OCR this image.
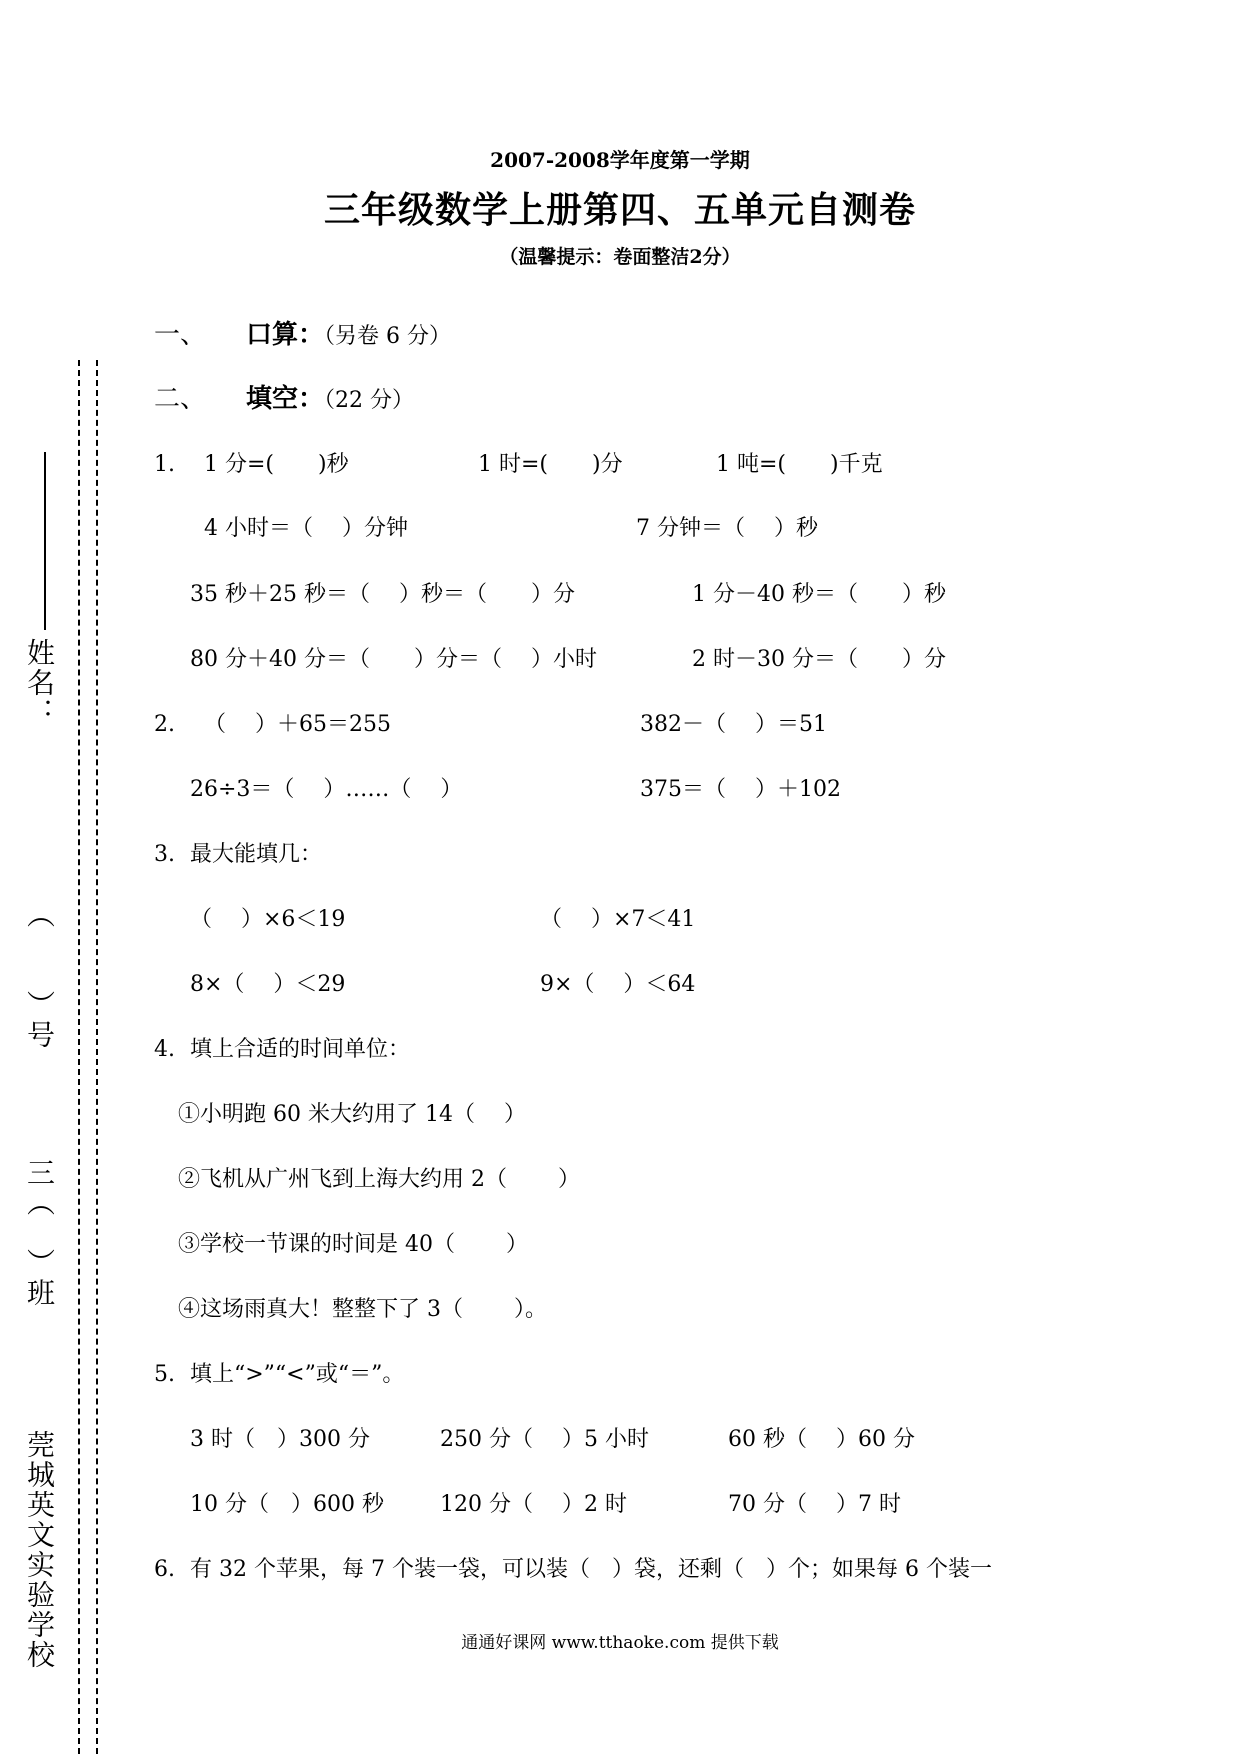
姓名：
（　　）号
三（　）班
莞城英文实验学校
2007-2008学年度第一学期
三年级数学上册第四、五单元自测卷
（温馨提示：卷面整洁2分）
一、 口算：（另卷 6 分）
二、 填空：（22 分）
1. 1 分=(　　)秒	1 时=(　　)分	1 吨=(　　)千克
4 小时＝（　 ）分钟	7 分钟＝（　 ）秒
35 秒＋25 秒＝（　 ）秒＝（　　）分	1 分－40 秒＝（　　）秒
80 分＋40 分＝（　　）分＝（　 ）小时	2 时－30 分＝（　　）分
2. （　 ）＋65＝255	382－（　 ）＝51
26÷3＝（　 ）……（　 ）	375＝（　 ）＋102
3. 最大能填几：
（　 ）×6＜19	（　 ）×7＜41
8×（　 ）＜29	9×（　 ）＜64
4. 填上合适的时间单位：
①小明跑 60 米大约用了 14（　 ）
②飞机从广州飞到上海大约用 2（　　 ）
③学校一节课的时间是 40（　　 ）
④这场雨真大！整整下了 3（　　 ）。
5. 填上“>”“<”或“＝”。
3 时（　）300 分	250 分（　 ）5 小时	60 秒（　 ）60 分
10 分（　）600 秒	120 分（　 ）2 时	70 分（　 ）7 时
6. 有 32 个苹果，每 7 个装一袋，可以装（　）袋，还剩（　）个；如果每 6 个装一
通通好课网 www.tthaoke.com 提供下载
